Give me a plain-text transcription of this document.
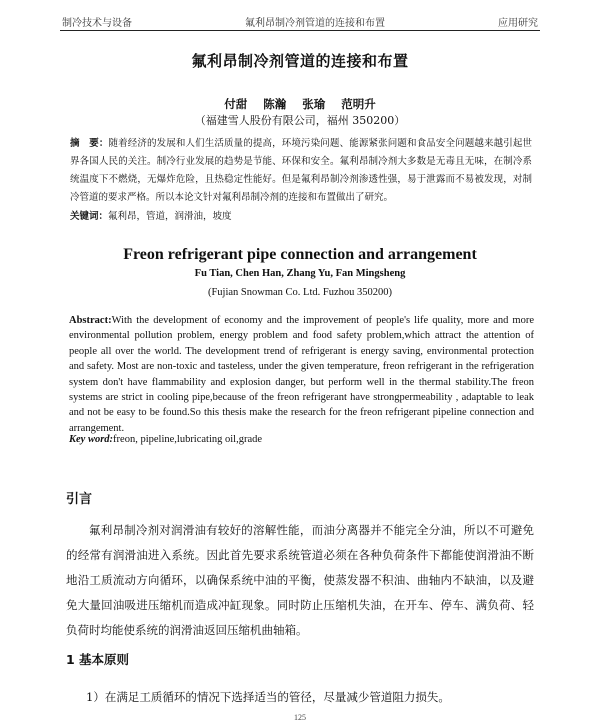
制冷技术与设备	氟利昂制冷剂管道的连接和布置	应用研究
氟利昂制冷剂管道的连接和布置
付甜 陈瀚 张瑜 范明升
（福建雪人股份有限公司，福州 350200）
摘　要：随着经济的发展和人们生活质量的提高，环境污染问题、能源紧张问题和食品安全问题越来越引起世界各国人民的关注。制冷行业发展的趋势是节能、环保和安全。氟利昂制冷剂大多数是无毒且无味，在制冷系统温度下不燃烧，无爆炸危险，且热稳定性能好。但是氟利昂制冷剂渗透性强，易于泄露而不易被发现，对制冷管道的要求严格。所以本论文针对氟利昂制冷剂的连接和布置做出了研究。
关键词：氟利昂，管道，润滑油，坡度
Freon refrigerant pipe connection and arrangement
Fu Tian, Chen Han, Zhang Yu, Fan Mingsheng
(Fujian Snowman Co. Ltd. Fuzhou 350200)
Abstract:With the development of economy and the improvement of people's life quality, more and more environmental pollution problem, energy problem and food safety problem,which attract the attention of people all over the world. The development trend of refrigerant is energy saving, environmental protection and safety. Most are non-toxic and tasteless, under the given temperature, freon refrigerant in the refrigeration system don't have flammability and explosion danger, but perform well in the thermal stability.The freon systems are strict in cooling pipe,because of the freon refrigerant have strongpermeability , adaptable to leak and not be easy to be found.So this thesis make the research for the freon refrigerant pipeline connection and arrangement.
Key word:freon, pipeline,lubricating oil,grade
引言
氟利昂制冷剂对润滑油有较好的溶解性能，而油分离器并不能完全分油，所以不可避免的经常有润滑油进入系统。因此首先要求系统管道必须在各种负荷条件下都能使润滑油不断地沿工质流动方向循环，以确保系统中油的平衡，使蒸发器不积油、曲轴内不缺油，以及避免大量回油吸进压缩机而造成冲缸现象。同时防止压缩机失油，在开车、停车、满负荷、轻负荷时均能使系统的润滑油返回压缩机曲轴箱。
1 基本原则
1）在满足工质循环的情况下选择适当的管径，尽量减少管道阻力损失。
125
